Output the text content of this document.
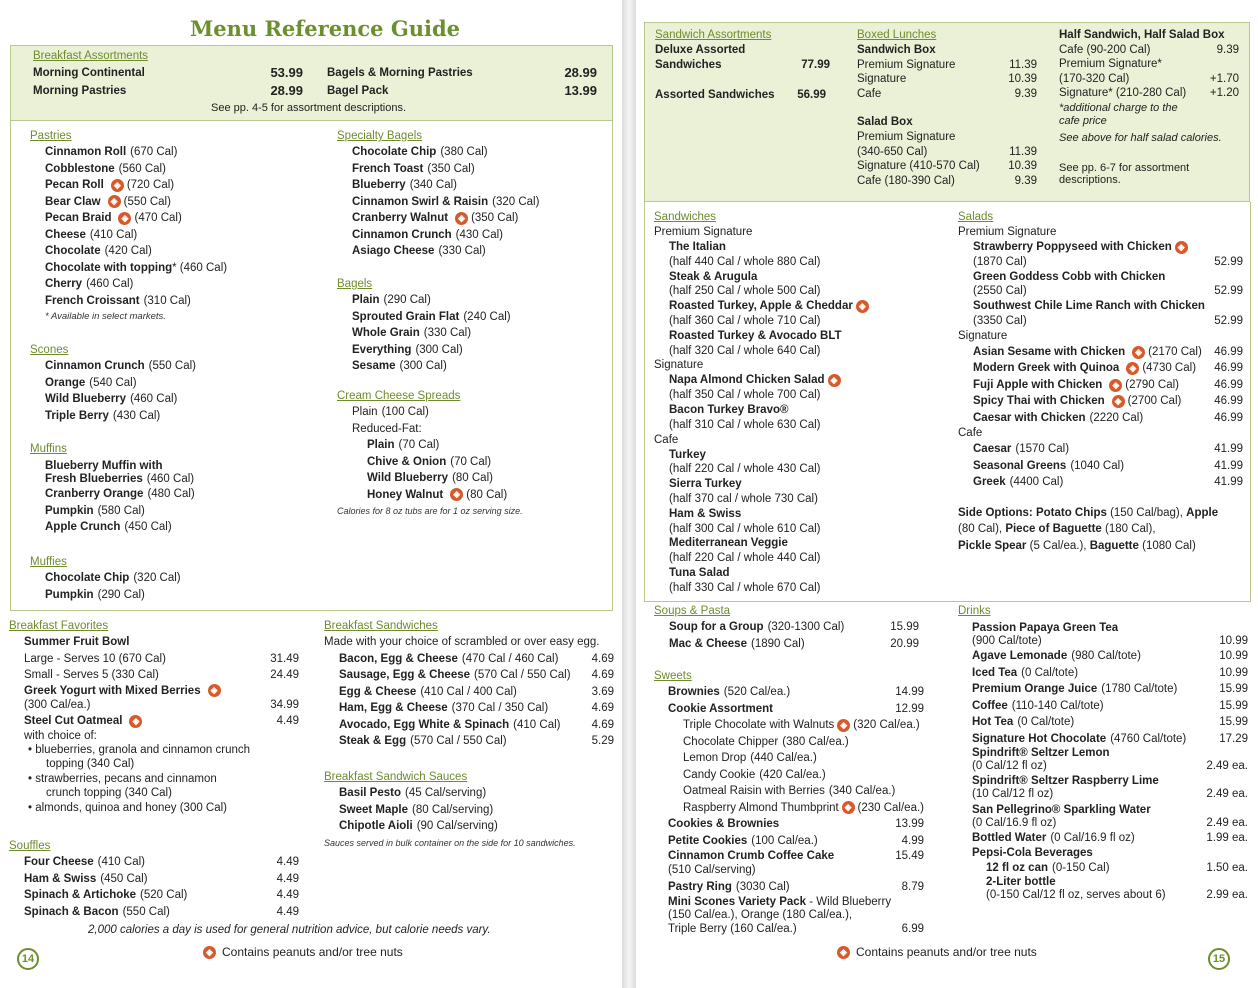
Menu Reference Guide
Breakfast Assortments
Morning Continental	53.99
Morning Pastries	28.99
Bagels & Morning Pastries	28.99
Bagel Pack	13.99
See pp. 4-5 for assortment descriptions.
Pastries
Cinnamon Roll (670 Cal)
Cobblestone (560 Cal)
Pecan Roll	◈ (720 Cal)
Bear Claw	◈ (550 Cal)
Pecan Braid	◈ (470 Cal)
Cheese (410 Cal)
Chocolate (420 Cal)
Chocolate with topping * (460 Cal)
Cherry (460 Cal)
French Croissant (310 Cal)
* Available in select markets.
Scones
Cinnamon Crunch (550 Cal)
Orange (540 Cal)
Wild Blueberry (460 Cal)
Triple Berry (430 Cal)
Muffins
Blueberry Muffin with
Fresh Blueberries (460 Cal)
Cranberry Orange (480 Cal)
Pumpkin (580 Cal)
Apple Crunch (450 Cal)
Muffies
Chocolate Chip (320 Cal)
Pumpkin (290 Cal)
Specialty Bagels
Chocolate Chip (380 Cal)
French Toast (350 Cal)
Blueberry (340 Cal)
Cinnamon Swirl & Raisin (320 Cal)
Cranberry Walnut	◈ (350 Cal)
Cinnamon Crunch (430 Cal)
Asiago Cheese (330 Cal)
Bagels
Plain (290 Cal)
Sprouted Grain Flat (240 Cal)
Whole Grain (330 Cal)
Everything (300 Cal)
Sesame (300 Cal)
Cream Cheese Spreads
Plain (100 Cal)
Reduced-Fat:
Plain (70 Cal)
Chive & Onion (70 Cal)
Wild Blueberry (80 Cal)
Honey Walnut	◈ (80 Cal)
Calories for 8 oz tubs are for 1 oz serving size.
Breakfast Favorites
Summer Fruit Bowl
Large - Serves 10 (670 Cal)	31.49
Small - Serves 5 (330 Cal)	24.49
Greek Yogurt with Mixed Berries	◈
(300 Cal/ea.)	34.99
Steel Cut Oatmeal	◈	4.49
with choice of:
• blueberries, granola and cinnamon crunch
topping (340 Cal)
• strawberries, pecans and cinnamon
crunch topping (340 Cal)
• almonds, quinoa and honey (300 Cal)
Souffles
Four Cheese (410 Cal)	4.49
Ham & Swiss (450 Cal)	4.49
Spinach & Artichoke (520 Cal)	4.49
Spinach & Bacon (550 Cal)	4.49
Breakfast Sandwiches
Made with your choice of scrambled or over easy egg.
Bacon, Egg & Cheese (470 Cal / 460 Cal)	4.69
Sausage, Egg & Cheese (570 Cal / 550 Cal) 4.69
Egg & Cheese (410 Cal / 400 Cal)	3.69
Ham, Egg & Cheese (370 Cal / 350 Cal)	4.69
Avocado, Egg White & Spinach (410 Cal)	4.69
Steak & Egg (570 Cal / 550 Cal)	5.29
Breakfast Sandwich Sauces
Basil Pesto (45 Cal/serving)
Sweet Maple (80 Cal/serving)
Chipotle Aioli (90 Cal/serving)
Sauces served in bulk container on the side for 10 sandwiches.
2,000 calories a day is used for general nutrition advice, but calorie needs vary.
◈ Contains peanuts and/or tree nuts
14
Sandwich Assortments
Deluxe Assorted

Sandwiches	77.99
Assorted Sandwiches 56.99
Boxed Lunches
Sandwich Box
Premium Signature	11.39
Signature	10.39
Cafe	9.39
Salad Box
Premium Signature
(340-650 Cal)	11.39
Signature (410-570 Cal) 10.39
Cafe (180-390 Cal)	9.39
Half Sandwich, Half Salad Box
Cafe (90-200 Cal)	9.39
Premium Signature*
(170-320 Cal)	+1.70
Signature* (210-280 Cal) +1.20
*additional charge to the
cafe price
See above for half salad calories.
See pp. 6-7 for assortment
descriptions.
Sandwiches
Premium Signature
The Italian
(half 440 Cal / whole 880 Cal)
Steak & Arugula
(half 250 Cal / whole 500 Cal)
Roasted Turkey, Apple & Cheddar ◈
(half 360 Cal / whole 710 Cal)
Roasted Turkey & Avocado BLT
(half 320 Cal / whole 640 Cal)
Signature
Napa Almond Chicken Salad ◈
(half 350 Cal / whole 700 Cal)
Bacon Turkey Bravo®
(half 310 Cal / whole 630 Cal)
Cafe
Turkey
(half 220 Cal / whole 430 Cal)
Sierra Turkey
(half 370 cal / whole 730 Cal)
Ham & Swiss
(half 300 Cal / whole 610 Cal)
Mediterranean Veggie
(half 220 Cal / whole 440 Cal)
Tuna Salad
(half 330 Cal / whole 670 Cal)
Salads
Premium Signature
Strawberry Poppyseed with Chicken ◈
(1870 Cal)	52.99
Green Goddess Cobb with Chicken
(2550 Cal)	52.99
Southwest Chile Lime Ranch with Chicken
(3350 Cal)	52.99
Signature
Asian Sesame with Chicken	◈ (2170 Cal) 46.99
Modern Greek with Quinoa	◈ (4730 Cal) 46.99
Fuji Apple with Chicken	◈ (2790 Cal)	46.99
Spicy Thai with Chicken	◈ (2700 Cal)	46.99
Caesar with Chicken (2220 Cal)	46.99
Cafe
Caesar (1570 Cal)	41.99
Seasonal Greens (1040 Cal)	41.99
Greek (4400 Cal)	41.99
Side Options: Potato Chips (150 Cal/bag), Apple
(80 Cal), Piece of Baguette (180 Cal),
Pickle Spear (5 Cal/ea.), Baguette (1080 Cal)
Soups & Pasta
Soup for a Group (320-1300 Cal)	15.99
Mac & Cheese (1890 Cal)	20.99
Sweets
Brownies (520 Cal/ea.)	14.99
Cookie Assortment	12.99
Triple Chocolate with Walnuts ◈ (320 Cal/ea.)
Chocolate Chipper (380 Cal/ea.)
Lemon Drop (440 Cal/ea.)
Candy Cookie (420 Cal/ea.)
Oatmeal Raisin with Berries (340 Cal/ea.)
Raspberry Almond Thumbprint ◈ (230 Cal/ea.)
Cookies & Brownies	13.99
Petite Cookies (100 Cal/ea.)	4.99
Cinnamon Crumb Coffee Cake	15.49
(510 Cal/serving)
Pastry Ring (3030 Cal)	8.79
Mini Scones Variety Pack - Wild Blueberry
(150 Cal/ea.), Orange (180 Cal/ea.),
Triple Berry (160 Cal/ea.)	6.99
Drinks
Passion Papaya Green Tea
(900 Cal/tote)	10.99
Agave Lemonade (980 Cal/tote)	10.99
Iced Tea (0 Cal/tote)	10.99
Premium Orange Juice (1780 Cal/tote)	15.99
Coffee (110-140 Cal/tote)	15.99
Hot Tea (0 Cal/tote)	15.99
Signature Hot Chocolate (4760 Cal/tote)	17.29
Spindrift® Seltzer Lemon
(0 Cal/12 fl oz)	2.49 ea.
Spindrift® Seltzer Raspberry Lime
(10 Cal/12 fl oz)	2.49 ea.
San Pellegrino® Sparkling Water
(0 Cal/16.9 fl oz)	2.49 ea.
Bottled Water (0 Cal/16.9 fl oz)	1.99 ea.
Pepsi-Cola Beverages
12 fl oz can (0-150 Cal)	1.50 ea.
2-Liter bottle
(0-150 Cal/12 fl oz, serves about 6)	2.99 ea.
◈ Contains peanuts and/or tree nuts	15
